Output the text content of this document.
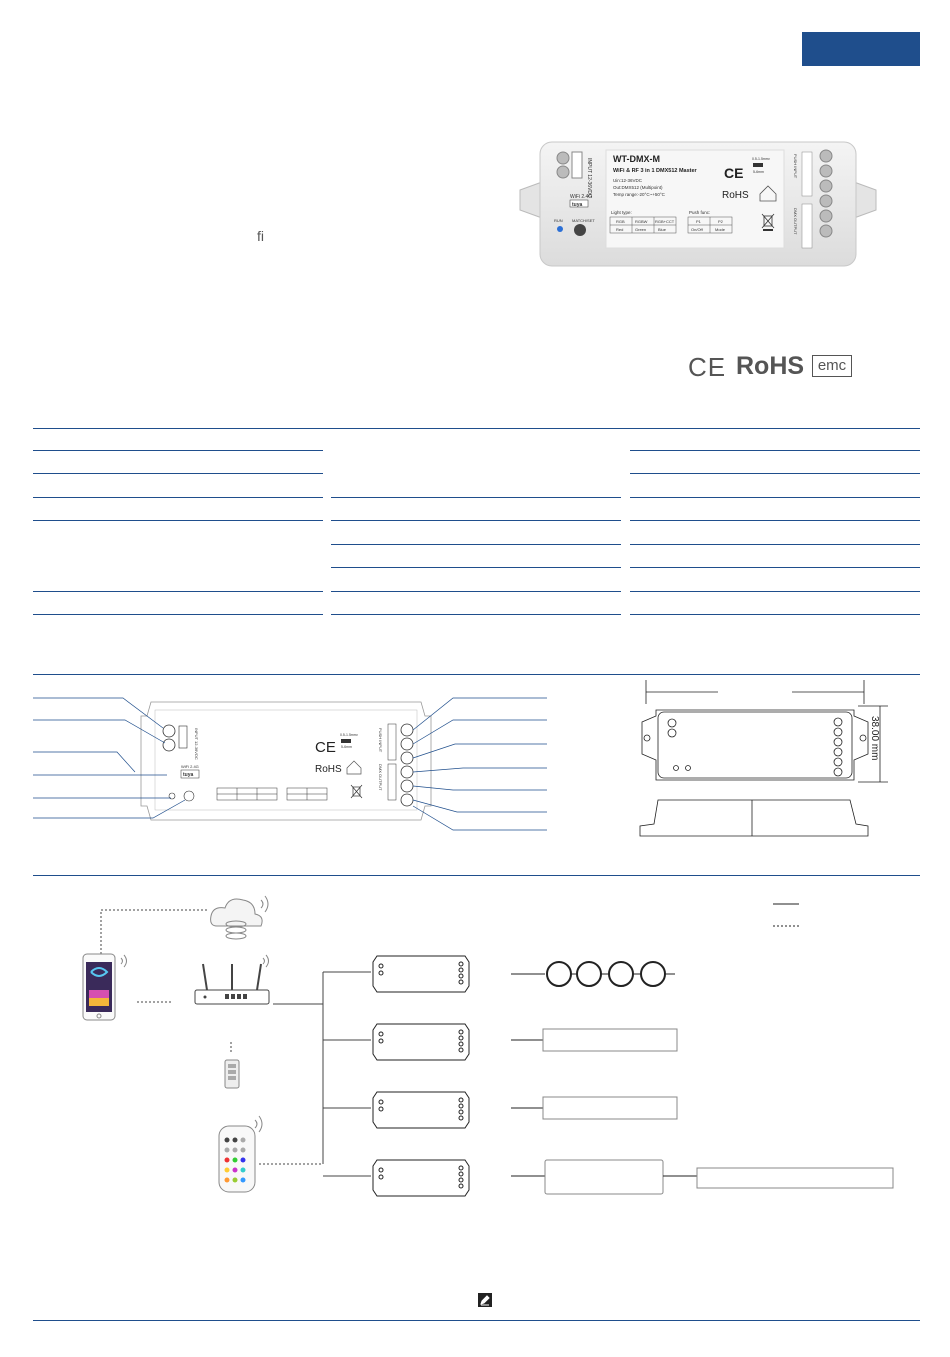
ﬁ
INPUT 12-36VDC
WiFi 2.4G
tuya
RUN MATCH/SET
WT-DMX-M
WiFi & RF 3 in 1 DMX512 Master
Uin:12-36VDC
Out:DMX512 (Multipoint)
Temp range:-20°C~+50°C
Light type:
RGB	RGBW RGB+CCT
Red	Green	Blue
Push func:
P1	P2
On/Off	Mode
CE
0.5-1.5mm²
5-6mm
RoHS
PUSH INPUT
DMX OUTPUT
CE RoHS emc
INPUT 12-36VDC
WiFi 2.4G
tuya
CE
0.5-1.5mm²
5-6mm
RoHS
PUSH INPUT
DMX OUTPUT
38.00 mm
